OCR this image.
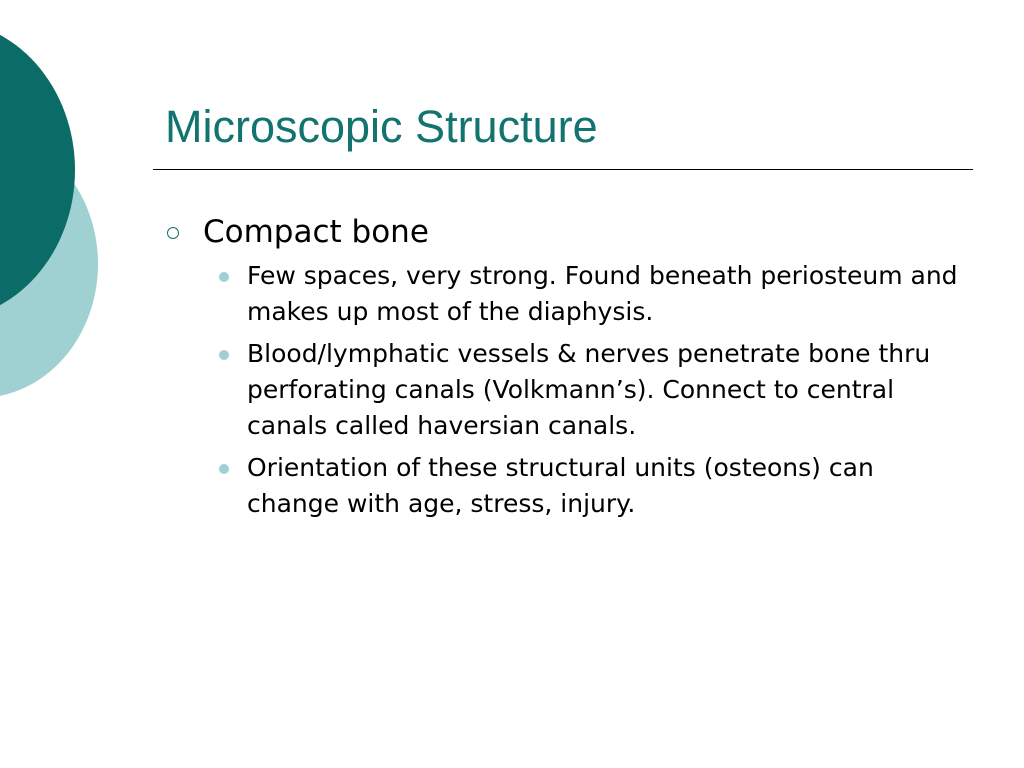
Microscopic Structure
Compact bone
Few spaces, very strong. Found beneath periosteum and makes up most of the diaphysis.
Blood/lymphatic vessels & nerves penetrate bone thru perforating canals (Volkmann’s). Connect to central canals called haversian canals.
Orientation of these structural units (osteons) can change with age, stress, injury.
